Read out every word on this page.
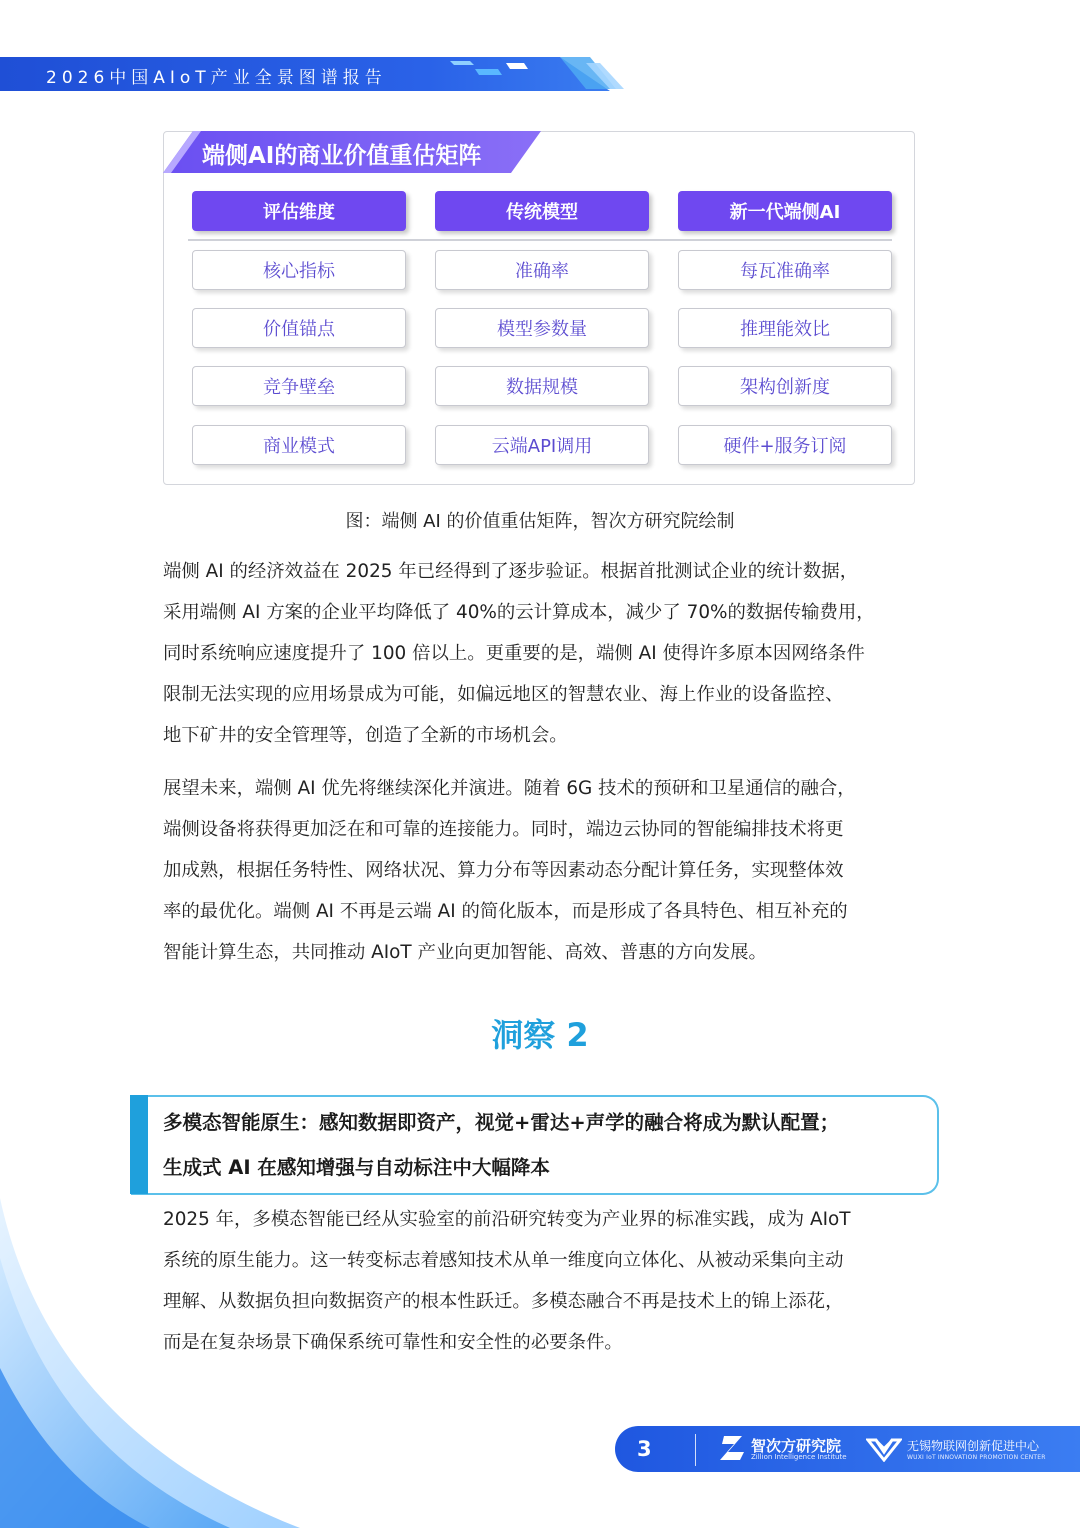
2026中国AIoT产业全景图谱报告
端侧AI的商业价值重估矩阵
评估维度	传统模型	新一代端侧AI
核心指标	准确率	每瓦准确率
价值锚点	模型参数量	推理能效比
竞争壁垒	数据规模	架构创新度
商业模式	云端API调用	硬件+服务订阅
图：端侧 AI 的价值重估矩阵，智次方研究院绘制
端侧 AI 的经济效益在 2025 年已经得到了逐步验证。根据首批测试企业的统计数据，
采用端侧 AI 方案的企业平均降低了 40%的云计算成本，减少了 70%的数据传输费用，
同时系统响应速度提升了 100 倍以上。更重要的是，端侧 AI 使得许多原本因网络条件
限制无法实现的应用场景成为可能，如偏远地区的智慧农业、海上作业的设备监控、
地下矿井的安全管理等，创造了全新的市场机会。
展望未来，端侧 AI 优先将继续深化并演进。随着 6G 技术的预研和卫星通信的融合，
端侧设备将获得更加泛在和可靠的连接能力。同时，端边云协同的智能编排技术将更
加成熟，根据任务特性、网络状况、算力分布等因素动态分配计算任务，实现整体效
率的最优化。端侧 AI 不再是云端 AI 的简化版本，而是形成了各具特色、相互补充的
智能计算生态，共同推动 AIoT 产业向更加智能、高效、普惠的方向发展。
洞察 2
多模态智能原生：感知数据即资产，视觉+雷达+声学的融合将成为默认配置；
生成式 AI 在感知增强与自动标注中大幅降本
2025 年，多模态智能已经从实验室的前沿研究转变为产业界的标准实践，成为 AIoT
系统的原生能力。这一转变标志着感知技术从单一维度向立体化、从被动采集向主动
理解、从数据负担向数据资产的根本性跃迁。多模态融合不再是技术上的锦上添花，
而是在复杂场景下确保系统可靠性和安全性的必要条件。
3	智次方研究院
Zillion Intelligence Institute
无锡物联网创新促进中心
WUXI IoT INNOVATION PROMOTION CENTER
